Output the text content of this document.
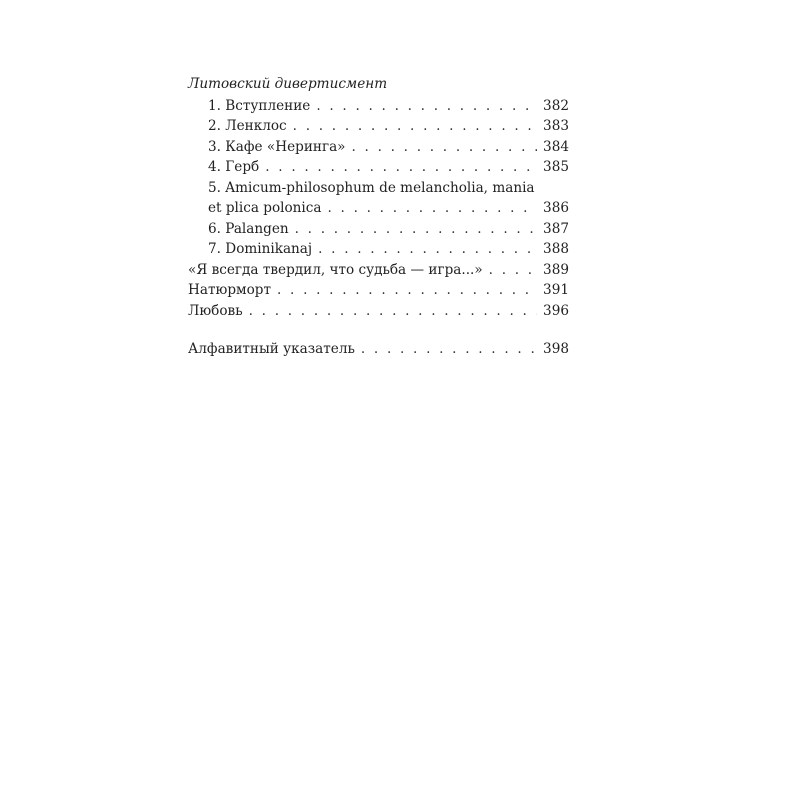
Литовский дивертисмент
1. Вступление . . .	382
2. Ленклос . . .	383
3. Кафе «Неринга» . . .	384
4. Герб . . .	385
5. Amicum-philosophum de melancholia, mania
et plica polonica . . .	386
6. Palangen . . .	387
7. Dominikanaj . . .	388
«Я всегда твердил, что судьба — игра...» . . .	389
Натюрморт . . .	391
Любовь . . .	396
Алфавитный указатель . . .	398
